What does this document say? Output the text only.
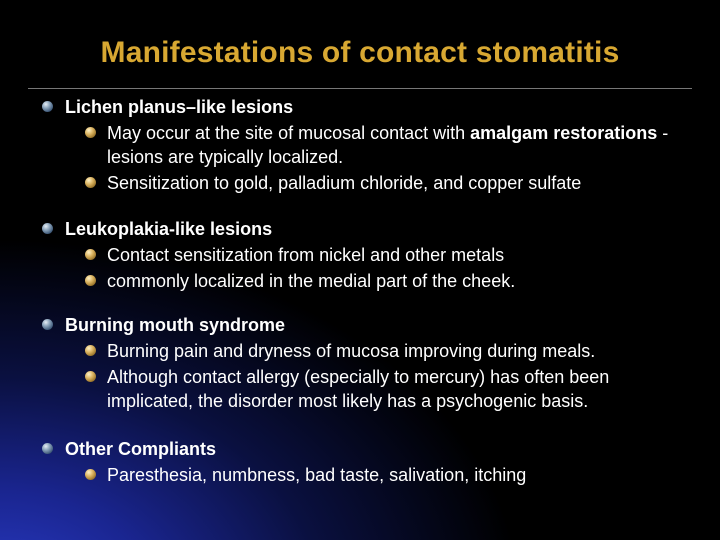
Manifestations of contact stomatitis
Lichen planus–like lesions
May occur at the site of mucosal contact with amalgam restorations - lesions are typically localized.
Sensitization to gold, palladium chloride, and copper sulfate
Leukoplakia-like lesions
Contact sensitization from nickel and other metals
commonly localized in the medial part of the cheek.
Burning mouth syndrome
Burning pain and dryness of mucosa improving during meals.
Although contact allergy (especially to mercury) has often been implicated, the disorder most likely has a psychogenic basis.
Other Compliants
Paresthesia, numbness, bad taste, salivation, itching
